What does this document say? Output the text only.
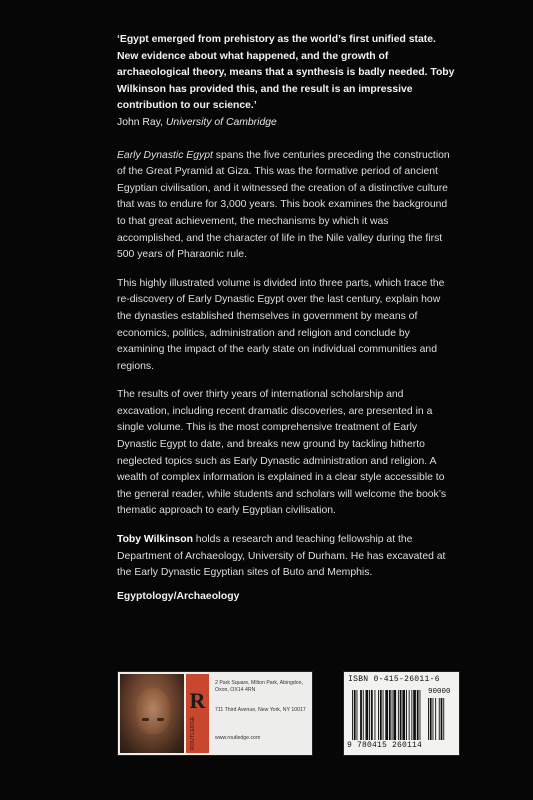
‘Egypt emerged from prehistory as the world’s first unified state. New evidence about what happened, and the growth of archaeological theory, means that a synthesis is badly needed. Toby Wilkinson has provided this, and the result is an impressive contribution to our science.’

John Ray, University of Cambridge

Early Dynastic Egypt spans the five centuries preceding the construction of the Great Pyramid at Giza. This was the formative period of ancient Egyptian civilisation, and it witnessed the creation of a distinctive culture that was to endure for 3,000 years. This book examines the background to that great achievement, the mechanisms by which it was accomplished, and the character of life in the Nile valley during the first 500 years of Pharaonic rule.

This highly illustrated volume is divided into three parts, which trace the re-discovery of Early Dynastic Egypt over the last century, explain how the dynasties established themselves in government by means of economics, politics, administration and religion and conclude by examining the impact of the early state on individual communities and regions.

The results of over thirty years of international scholarship and excavation, including recent dramatic discoveries, are presented in a single volume. This is the most comprehensive treatment of Early Dynastic Egypt to date, and breaks new ground by tackling hitherto neglected topics such as Early Dynastic administration and religion. A wealth of complex information is explained in a clear style accessible to the general reader, while students and scholars will welcome the book’s thematic approach to early Egyptian civilisation.

Toby Wilkinson holds a research and teaching fellowship at the Department of Archaeology, University of Durham. He has excavated at the Early Dynastic Egyptian sites of Buto and Memphis.

Egyptology/Archaeology
R
ROUTLEDGE
2 Park Square, Milton Park, Abingdon, Oxon, OX14 4RN
711 Third Avenue, New York, NY 10017
www.routledge.com
ISBN 0-415-26011-6
90000
9 780415 260114
